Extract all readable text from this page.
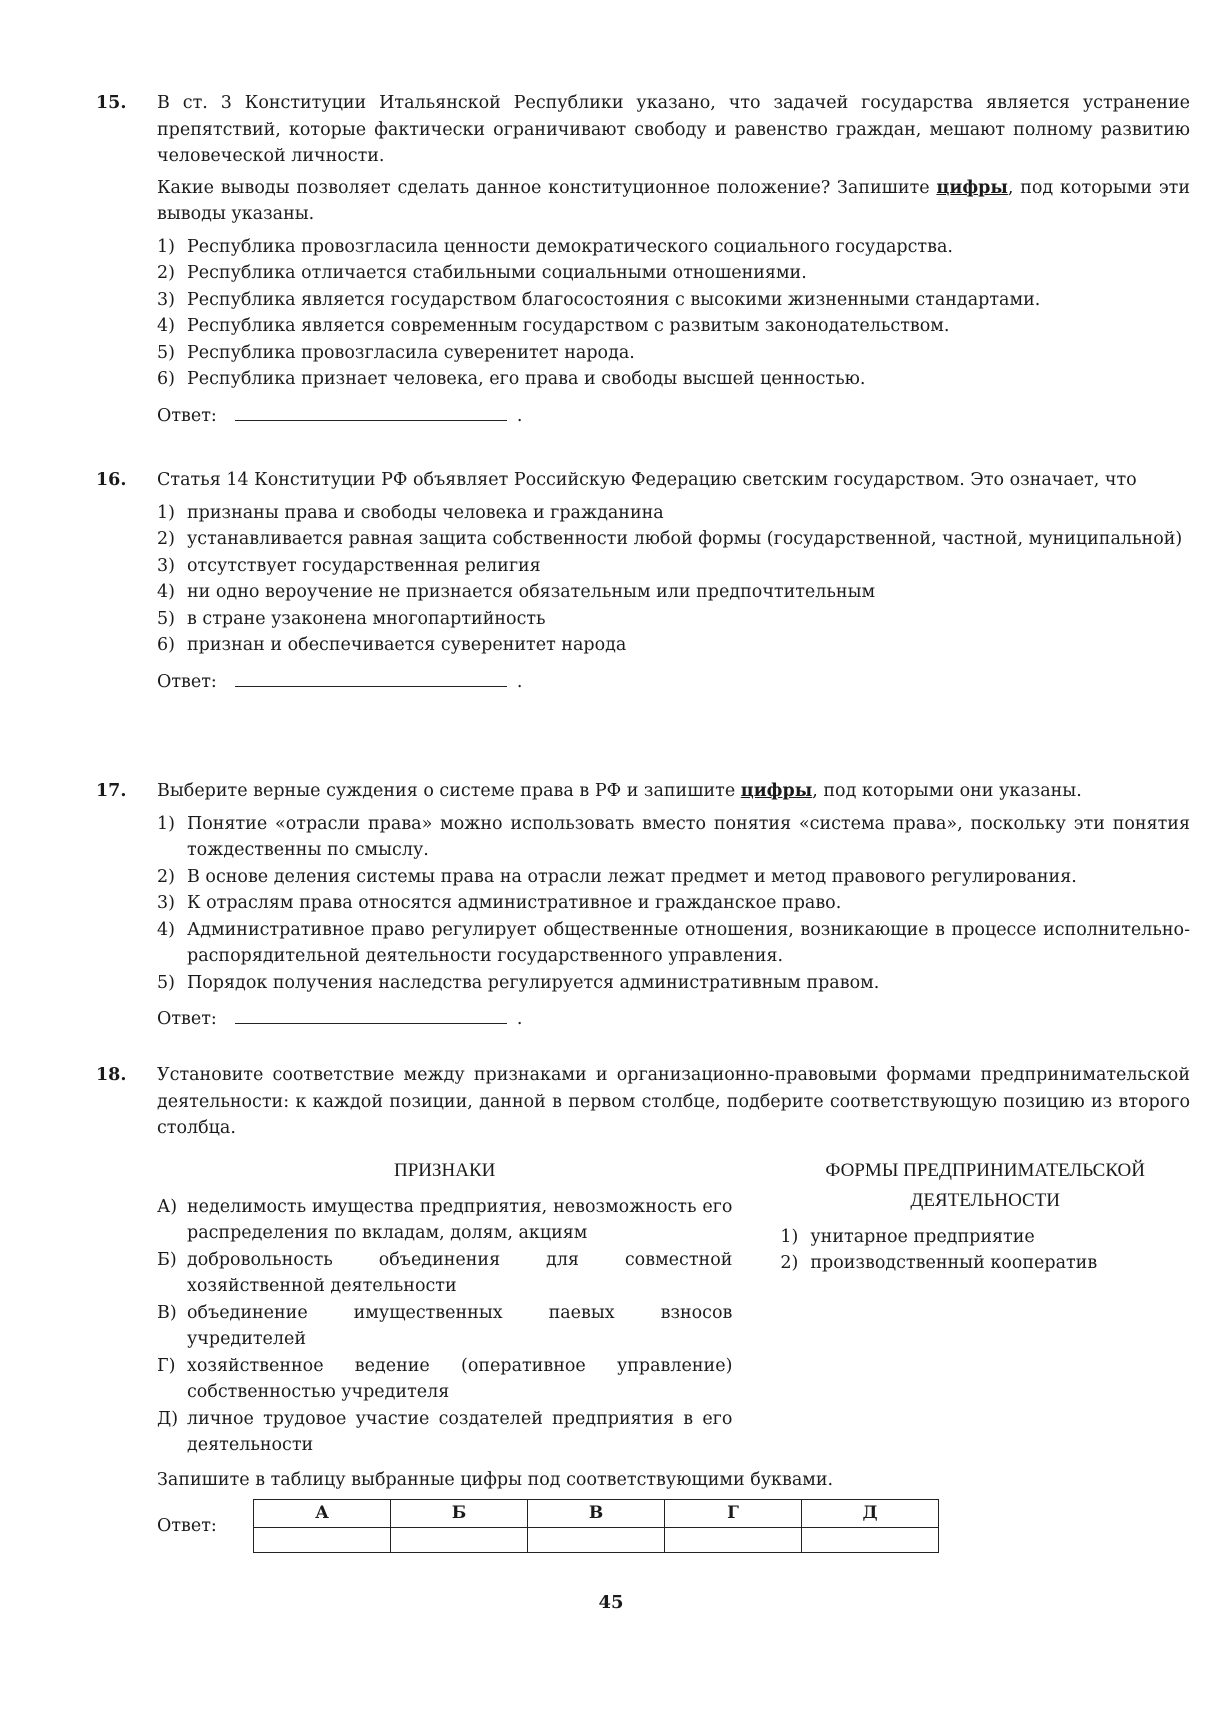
15. В ст. 3 Конституции Итальянской Республики указано, что задачей государства является устранение препятствий, которые фактически ограничивают свободу и равенство граждан, мешают полному развитию человеческой личности.

Какие выводы позволяет сделать данное конституционное положение? Запишите цифры, под которыми эти выводы указаны.

1) Республика провозгласила ценности демократического социального государства.
2) Республика отличается стабильными социальными отношениями.
3) Республика является государством благосостояния с высокими жизненными стандартами.
4) Республика является современным государством с развитым законодательством.
5) Республика провозгласила суверенитет народа.
6) Республика признает человека, его права и свободы высшей ценностью.
Ответ:	.
16. Статья 14 Конституции РФ объявляет Российскую Федерацию светским государством. Это означает, что

1) признаны права и свободы человека и гражданина
2) устанавливается равная защита собственности любой формы (государственной, частной, муниципальной)
3) отсутствует государственная религия
4) ни одно вероучение не признается обязательным или предпочтительным
5) в стране узаконена многопартийность
6) признан и обеспечивается суверенитет народа
Ответ:	.
17. Выберите верные суждения о системе права в РФ и запишите цифры, под которыми они указаны.

1) Понятие «отрасли права» можно использовать вместо понятия «система права», поскольку эти понятия тождественны по смыслу.
2) В основе деления системы права на отрасли лежат предмет и метод правового регулирования.
3) К отраслям права относятся административное и гражданское право.
4) Административное право регулирует общественные отношения, возникающие в процессе исполнительно-распорядительной деятельности государственного управления.
5) Порядок получения наследства регулируется административным правом.
Ответ:	.
18. Установите соответствие между признаками и организационно-правовыми формами предпринимательской деятельности: к каждой позиции, данной в первом столбце, подберите соответствующую позицию из второго столбца.

ПРИЗНАКИ
А) неделимость имущества предприятия, невозможность его распределения по вкладам, долям, акциям
Б) добровольность объединения для совместной хозяйственной деятельности
В) объединение имущественных паевых взносов учредителей
Г) хозяйственное ведение (оперативное управление) собственностью учредителя
Д) личное трудовое участие создателей предприятия в его деятельности
ФОРМЫ ПРЕДПРИНИМАТЕЛЬСКОЙ ДЕЯТЕЛЬНОСТИ
1) унитарное предприятие
2) производственный кооператив

Запишите в таблицу выбранные цифры под соответствующими буквами.

Ответ:
А	Б	В	Г	Д

45
